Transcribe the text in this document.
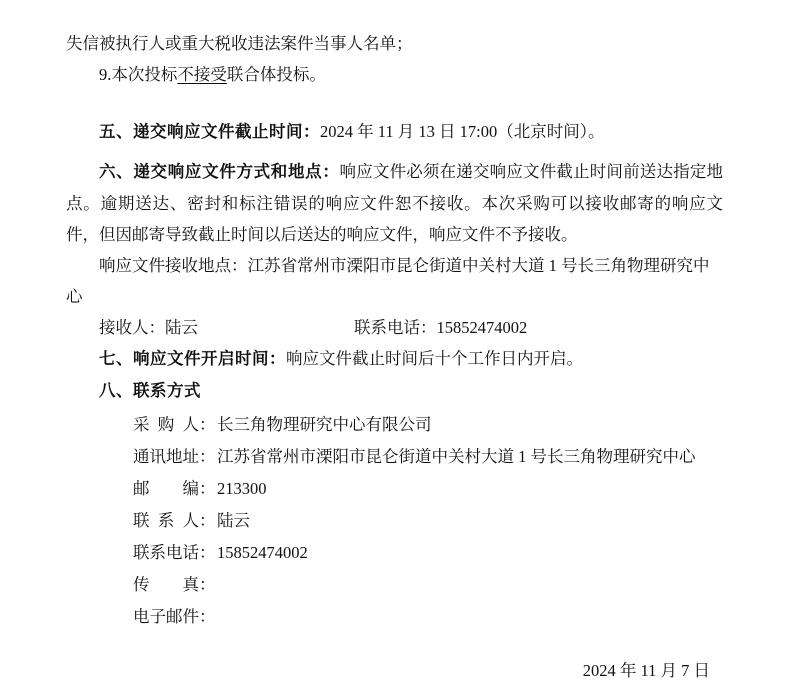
失信被执行人或重大税收违法案件当事人名单；

9.本次投标不接受联合体投标。

五、递交响应文件截止时间：2024 年 11 月 13 日 17:00（北京时间）。

六、递交响应文件方式和地点：响应文件必须在递交响应文件截止时间前送达指定地点。逾期送达、密封和标注错误的响应文件恕不接收。本次采购可以接收邮寄的响应文件，但因邮寄导致截止时间以后送达的响应文件，响应文件不予接收。

响应文件接收地点：江苏省常州市溧阳市昆仑街道中关村大道 1 号长三角物理研究中心

接收人：陆云	联系电话：15852474002

七、响应文件开启时间：响应文件截止时间后十个工作日内开启。

八、联系方式

采  购  人：长三角物理研究中心有限公司

通讯地址：江苏省常州市溧阳市昆仑街道中关村大道 1 号长三角物理研究中心

邮        编：213300

联  系  人：陆云

联系电话：15852474002

传        真：

电子邮件：

2024 年 11 月 7 日
